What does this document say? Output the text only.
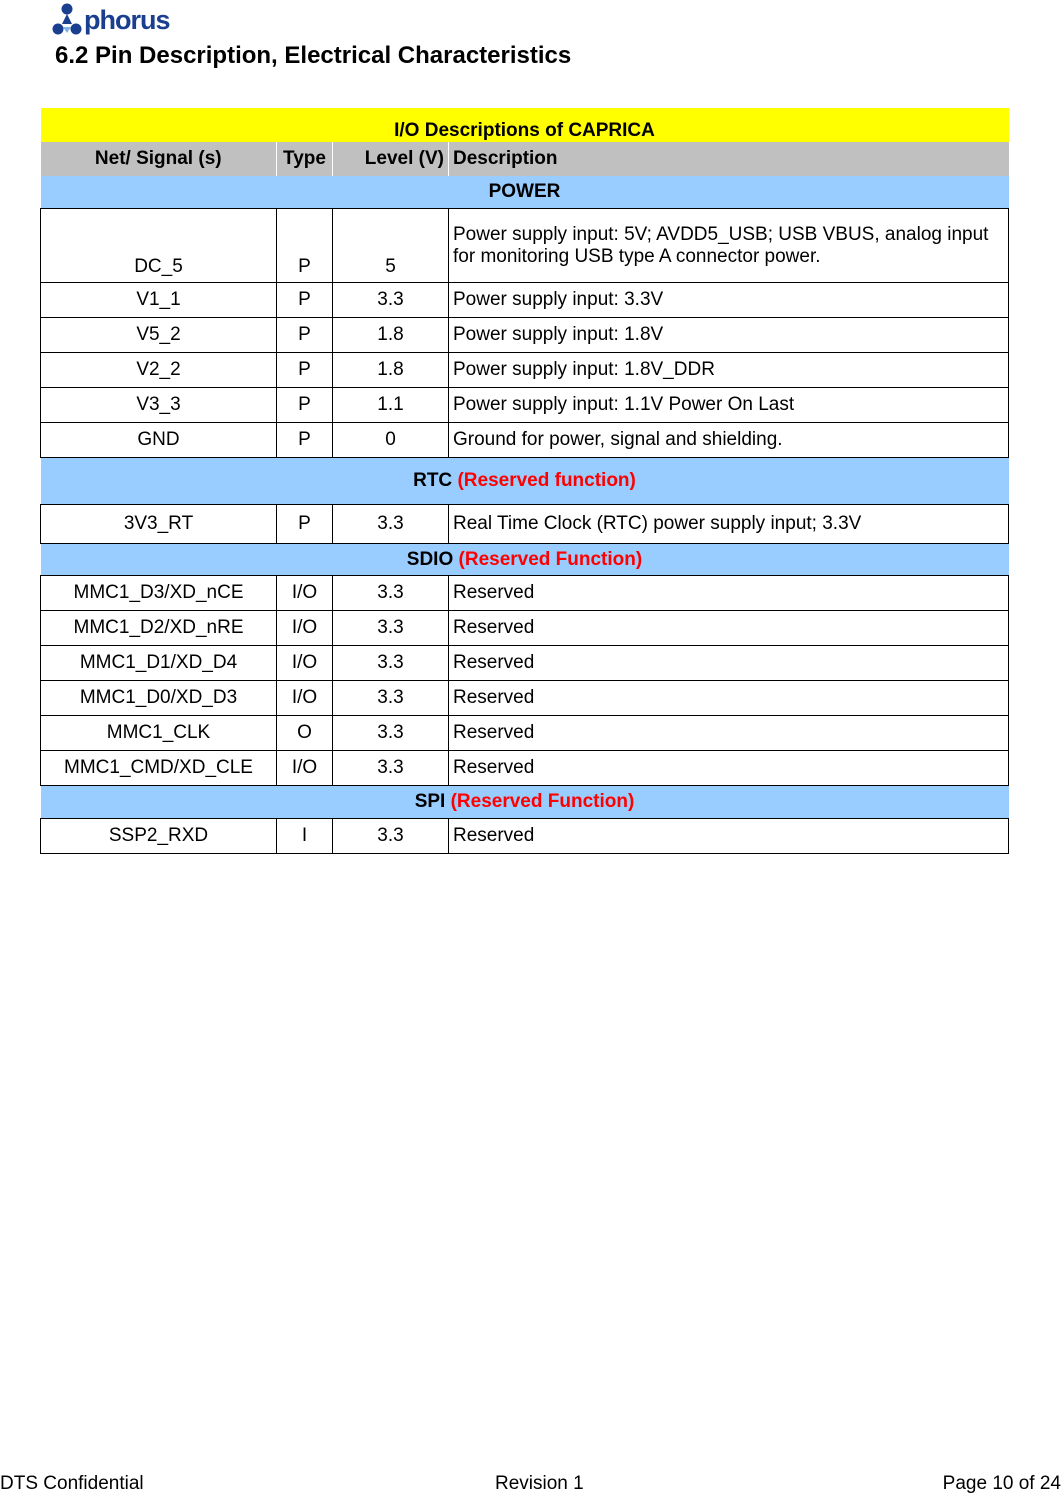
phorus
6.2 Pin Description, Electrical Characteristics
I/O Descriptions of CAPRICA			
Net/ Signal (s)	Type	Level (V)	Description
POWER			
DC_5	P	5	Power supply input: 5V; AVDD5_USB; USB VBUS, analog input for monitoring USB type A connector power.
V1_1	P	3.3	Power supply input: 3.3V
V5_2	P	1.8	Power supply input: 1.8V
V2_2	P	1.8	Power supply input: 1.8V_DDR
V3_3	P	1.1	Power supply input: 1.1V Power On Last
GND	P	0	Ground for power, signal and shielding.
RTC (Reserved function)			
3V3_RT	P	3.3	Real Time Clock (RTC) power supply input; 3.3V
SDIO (Reserved Function)			
MMC1_D3/XD_nCE	I/O	3.3	Reserved
MMC1_D2/XD_nRE	I/O	3.3	Reserved
MMC1_D1/XD_D4	I/O	3.3	Reserved
MMC1_D0/XD_D3	I/O	3.3	Reserved
MMC1_CLK	O	3.3	Reserved
MMC1_CMD/XD_CLE	I/O	3.3	Reserved
SPI (Reserved Function)			
SSP2_RXD	I	3.3	Reserved
DTS Confidential	Revision 1	Page 10 of 24
